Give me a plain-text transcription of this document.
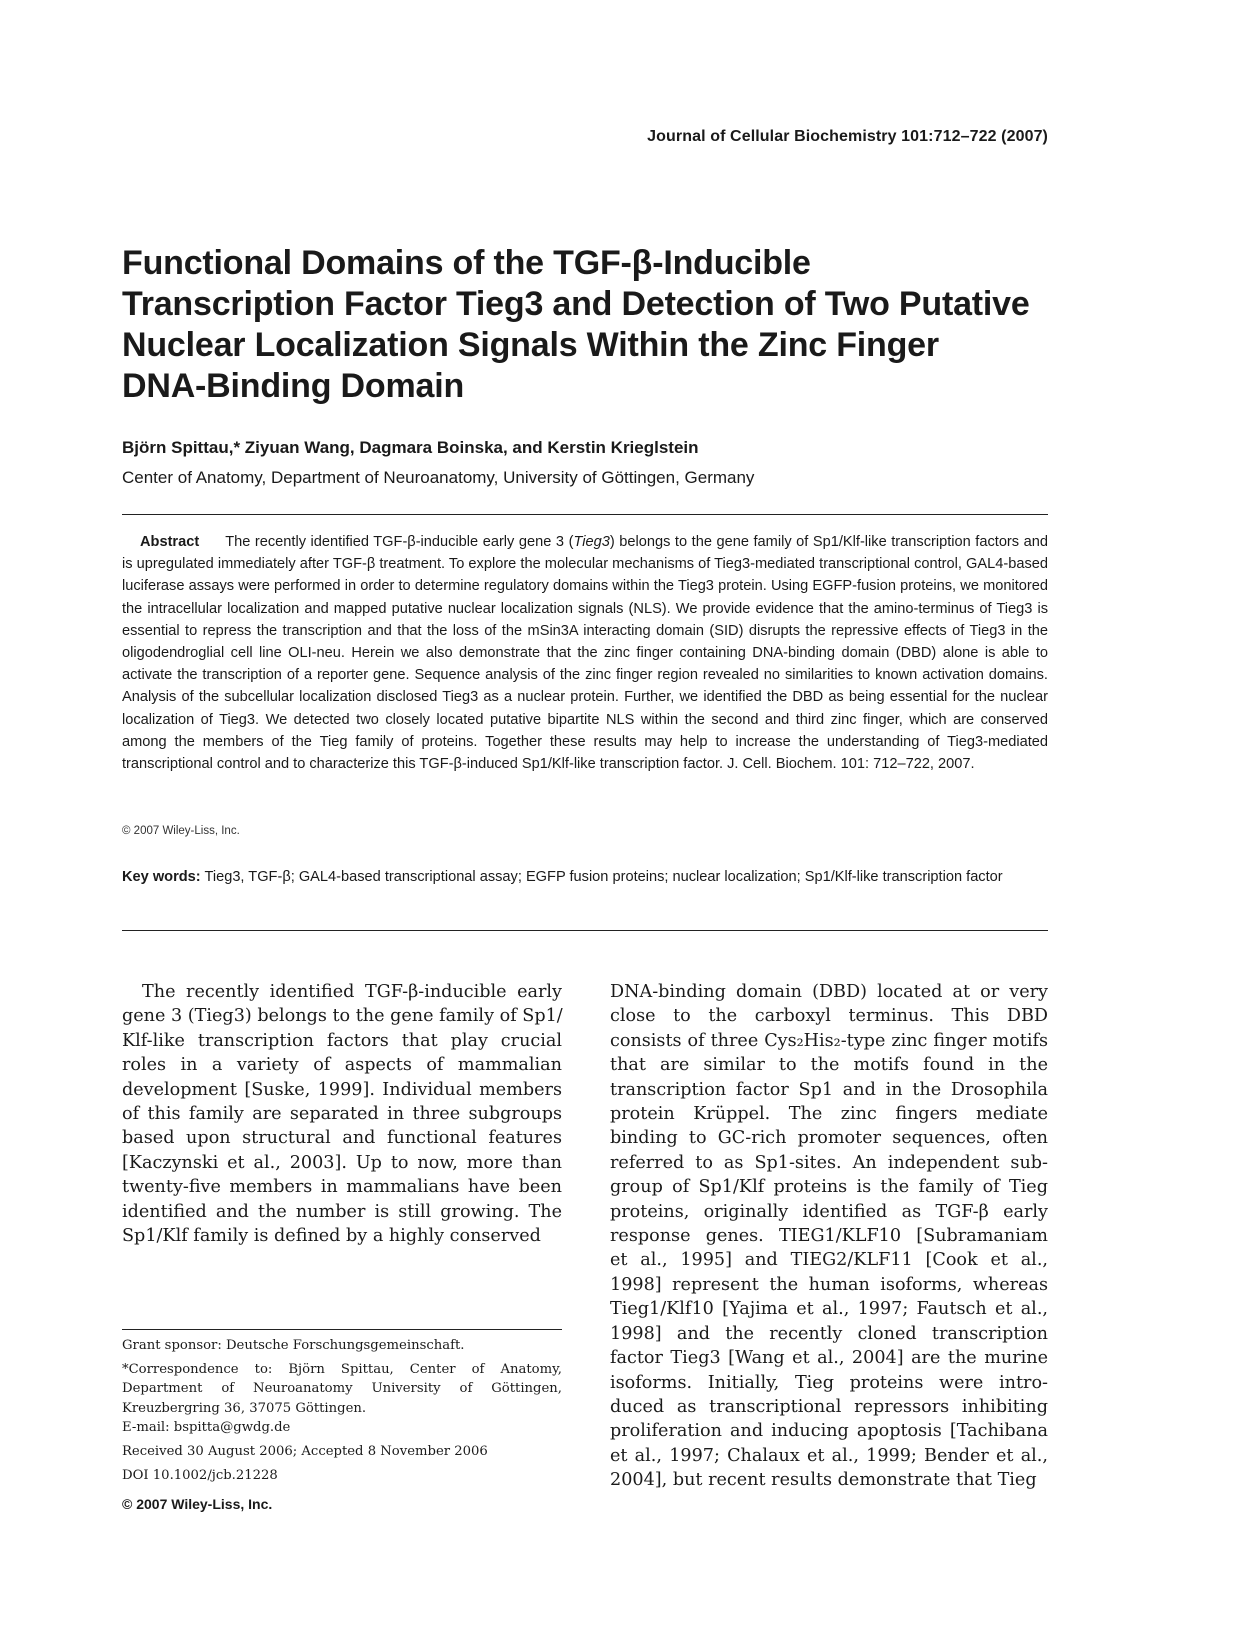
Journal of Cellular Biochemistry 101:712–722 (2007)
Functional Domains of the TGF-β-Inducible
Transcription Factor Tieg3 and Detection of Two Putative
Nuclear Localization Signals Within the Zinc Finger
DNA-Binding Domain
Björn Spittau,* Ziyuan Wang, Dagmara Boinska, and Kerstin Krieglstein
Center of Anatomy, Department of Neuroanatomy, University of Göttingen, Germany
Abstract The recently identified TGF-β-inducible early gene 3 (Tieg3) belongs to the gene family of Sp1/Klf-like transcription factors and is upregulated immediately after TGF-β treatment. To explore the molecular mechanisms of Tieg3-mediated transcriptional control, GAL4-based luciferase assays were performed in order to determine regulatory domains within the Tieg3 protein. Using EGFP-fusion proteins, we monitored the intracellular localization and mapped putative nuclear localization signals (NLS). We provide evidence that the amino-terminus of Tieg3 is essential to repress the transcription and that the loss of the mSin3A interacting domain (SID) disrupts the repressive effects of Tieg3 in the oligodendroglial cell line OLI-neu. Herein we also demonstrate that the zinc finger containing DNA-binding domain (DBD) alone is able to activate the transcription of a reporter gene. Sequence analysis of the zinc finger region revealed no similarities to known activation domains. Analysis of the subcellular localization disclosed Tieg3 as a nuclear protein. Further, we identified the DBD as being essential for the nuclear localization of Tieg3. We detected two closely located putative bipartite NLS within the second and third zinc finger, which are conserved among the members of the Tieg family of proteins. Together these results may help to increase the understanding of Tieg3-mediated transcriptional control and to characterize this TGF-β-induced Sp1/Klf-like transcription factor. J. Cell. Biochem. 101: 712–722, 2007.
© 2007 Wiley-Liss, Inc.
Key words: Tieg3, TGF-β; GAL4-based transcriptional assay; EGFP fusion proteins; nuclear localization; Sp1/Klf-like transcription factor
The recently identified TGF-β-inducible early
gene 3 (Tieg3) belongs to the gene family of Sp1/
Klf-like transcription factors that play crucial
roles in a variety of aspects of mammalian
development [Suske, 1999]. Individual members
of this family are separated in three subgroups
based upon structural and functional features
[Kaczynski et al., 2003]. Up to now, more than
twenty-five members in mammalians have been
identified and the number is still growing. The
Sp1/Klf family is defined by a highly conserved
DNA-binding domain (DBD) located at or very
close to the carboxyl terminus. This DBD
consists of three Cys₂His₂-type zinc finger motifs
that are similar to the motifs found in the
transcription factor Sp1 and in the Drosophila
protein Krüppel. The zinc fingers mediate
binding to GC-rich promoter sequences, often
referred to as Sp1-sites. An independent sub-
group of Sp1/Klf proteins is the family of Tieg
proteins, originally identified as TGF-β early
response genes. TIEG1/KLF10 [Subramaniam
et al., 1995] and TIEG2/KLF11 [Cook et al.,
1998] represent the human isoforms, whereas
Tieg1/Klf10 [Yajima et al., 1997; Fautsch et al.,
1998] and the recently cloned transcription
factor Tieg3 [Wang et al., 2004] are the murine
isoforms. Initially, Tieg proteins were intro-
duced as transcriptional repressors inhibiting
proliferation and inducing apoptosis [Tachibana
et al., 1997; Chalaux et al., 1999; Bender et al.,
2004], but recent results demonstrate that Tieg

Grant sponsor: Deutsche Forschungsgemeinschaft.

*Correspondence to: Björn Spittau, Center of Anatomy,
Department of Neuroanatomy University of Göttingen,
Kreuzbergring 36, 37075 Göttingen.
E-mail: bspitta@gwdg.de

Received 30 August 2006; Accepted 8 November 2006

DOI 10.1002/jcb.21228

© 2007 Wiley-Liss, Inc.
